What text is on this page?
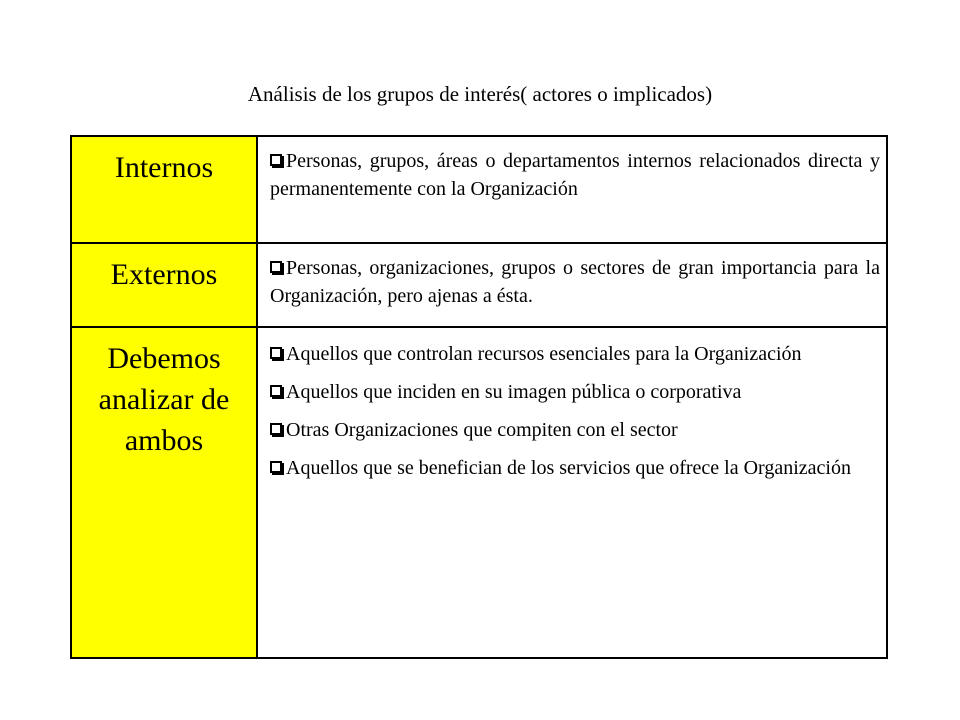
Análisis de los grupos de interés( actores o implicados)
Internos	Personas, grupos, áreas o departamentos internos relacionados directa y permanentemente con la Organización
Externos	Personas, organizaciones, grupos o sectores de gran importancia para la Organización, pero ajenas a ésta.
Debemos analizar de ambos
Aquellos que controlan recursos esenciales para la Organización
Aquellos que inciden en su imagen pública o corporativa
Otras Organizaciones que compiten con el sector
Aquellos que se benefician de los servicios que ofrece la Organización
